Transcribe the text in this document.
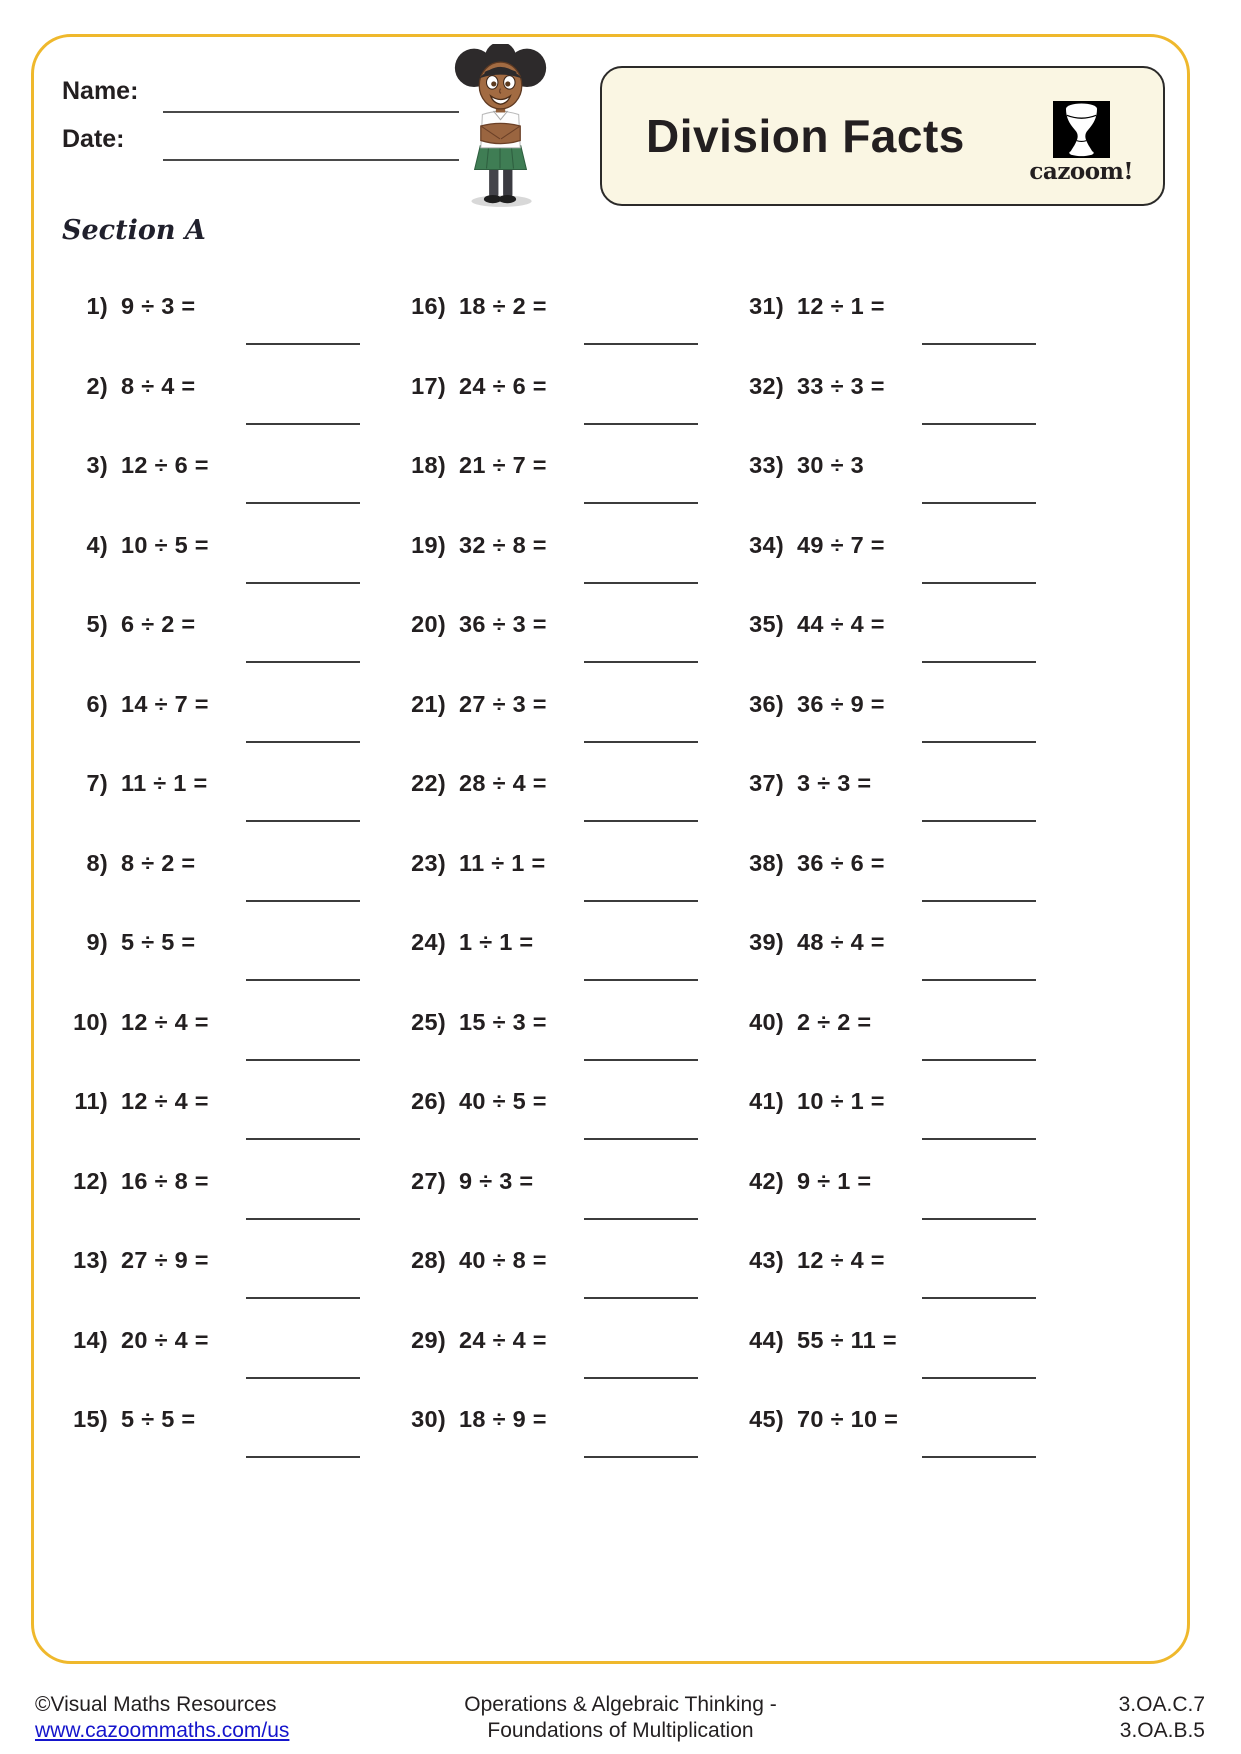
Name:
Date:	Division Facts
cazoom!
Section A
1) 9 ÷ 3 =
2) 8 ÷ 4 =
3) 12 ÷ 6 =
4) 10 ÷ 5 =
5) 6 ÷ 2 =
6) 14 ÷ 7 =
7) 11 ÷ 1 =
8) 8 ÷ 2 =
9) 5 ÷ 5 =
10) 12 ÷ 4 =
11) 12 ÷ 4 =
12) 16 ÷ 8 =
13) 27 ÷ 9 =
14) 20 ÷ 4 =
15) 5 ÷ 5 =
16) 18 ÷ 2 =
17) 24 ÷ 6 =
18) 21 ÷ 7 =
19) 32 ÷ 8 =
20) 36 ÷ 3 =
21) 27 ÷ 3 =
22) 28 ÷ 4 =
23) 11 ÷ 1 =
24) 1 ÷ 1 =
25) 15 ÷ 3 =
26) 40 ÷ 5 =
27) 9 ÷ 3 =
28) 40 ÷ 8 =
29) 24 ÷ 4 =
30) 18 ÷ 9 =
31) 12 ÷ 1 =
32) 33 ÷ 3 =
33) 30 ÷ 3
34) 49 ÷ 7 =
35) 44 ÷ 4 =
36) 36 ÷ 9 =
37) 3 ÷ 3 =
38) 36 ÷ 6 =
39) 48 ÷ 4 =
40) 2 ÷ 2 =
41) 10 ÷ 1 =
42) 9 ÷ 1 =
43) 12 ÷ 4 =
44) 55 ÷ 11 =
45) 70 ÷ 10 =
©Visual Maths Resources
www.cazoommaths.com/us
Operations & Algebraic Thinking -
Foundations of Multiplication
3.OA.C.7
3.OA.B.5
